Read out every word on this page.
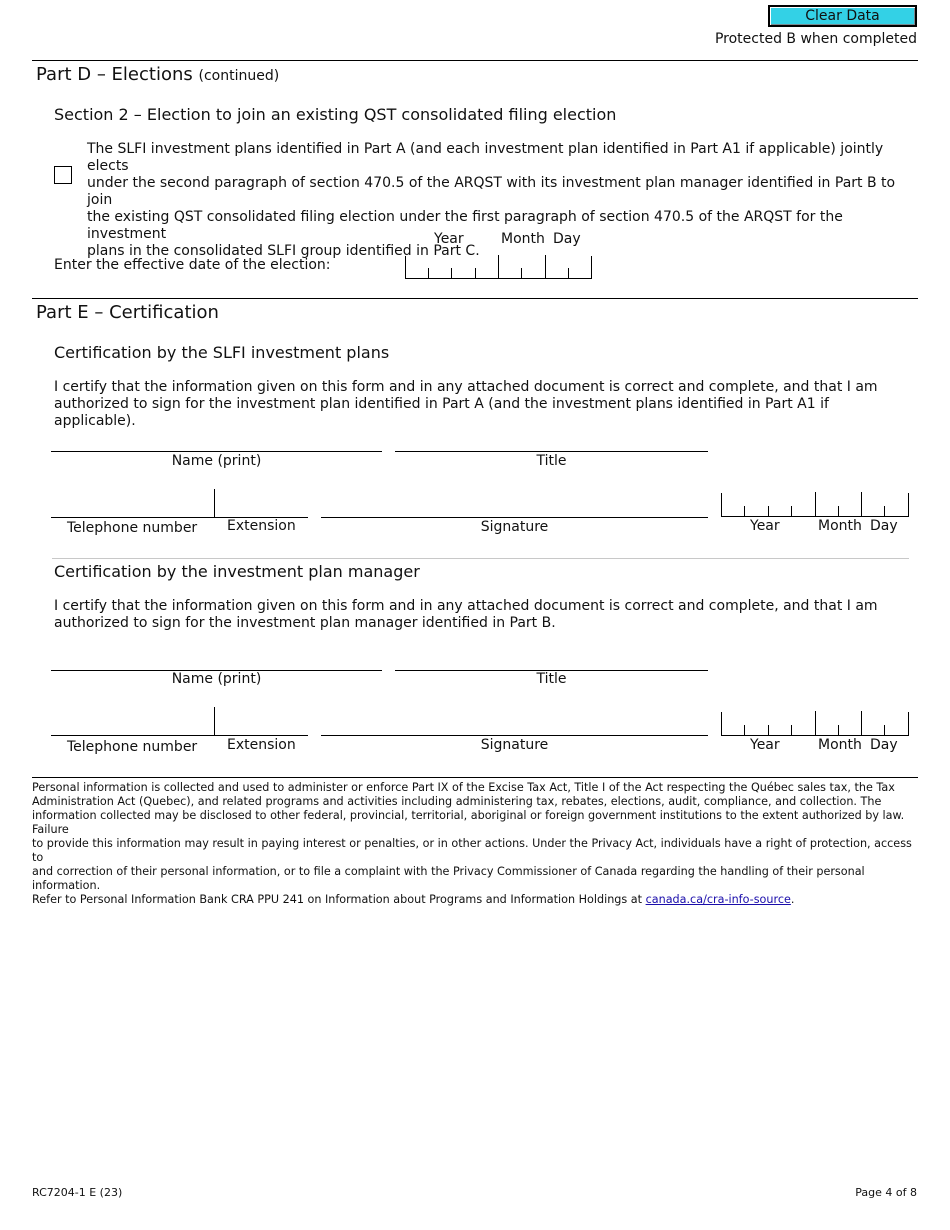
Clear Data
Protected B when completed
Part D – Elections (continued)
Section 2 – Election to join an existing QST consolidated filing election
The SLFI investment plans identified in Part A (and each investment plan identified in Part A1 if applicable) jointly elects
under the second paragraph of section 470.5 of the ARQST with its investment plan manager identified in Part B to join
the existing QST consolidated filing election under the first paragraph of section 470.5 of the ARQST for the investment
plans in the consolidated SLFI group identified in Part C.
Year	Month Day
Enter the effective date of the election:
Part E – Certification
Certification by the SLFI investment plans
I certify that the information given on this form and in any attached document is correct and complete, and that I am
authorized to sign for the investment plan identified in Part A (and the investment plans identified in Part A1 if applicable).
Name (print)	Title
Telephone number Extension	Signature	Year	Month Day
Certification by the investment plan manager
I certify that the information given on this form and in any attached document is correct and complete, and that I am
authorized to sign for the investment plan manager identified in Part B.
Name (print)	Title
Telephone number Extension	Signature	Year	Month Day
Personal information is collected and used to administer or enforce Part IX of the Excise Tax Act, Title I of the Act respecting the Québec sales tax, the Tax
Administration Act (Quebec), and related programs and activities including administering tax, rebates, elections, audit, compliance, and collection. The
information collected may be disclosed to other federal, provincial, territorial, aboriginal or foreign government institutions to the extent authorized by law. Failure
to provide this information may result in paying interest or penalties, or in other actions. Under the Privacy Act, individuals have a right of protection, access to
and correction of their personal information, or to file a complaint with the Privacy Commissioner of Canada regarding the handling of their personal information.
Refer to Personal Information Bank CRA PPU 241 on Information about Programs and Information Holdings at canada.ca/cra-info-source.
RC7204-1 E (23)	Page 4 of 8
